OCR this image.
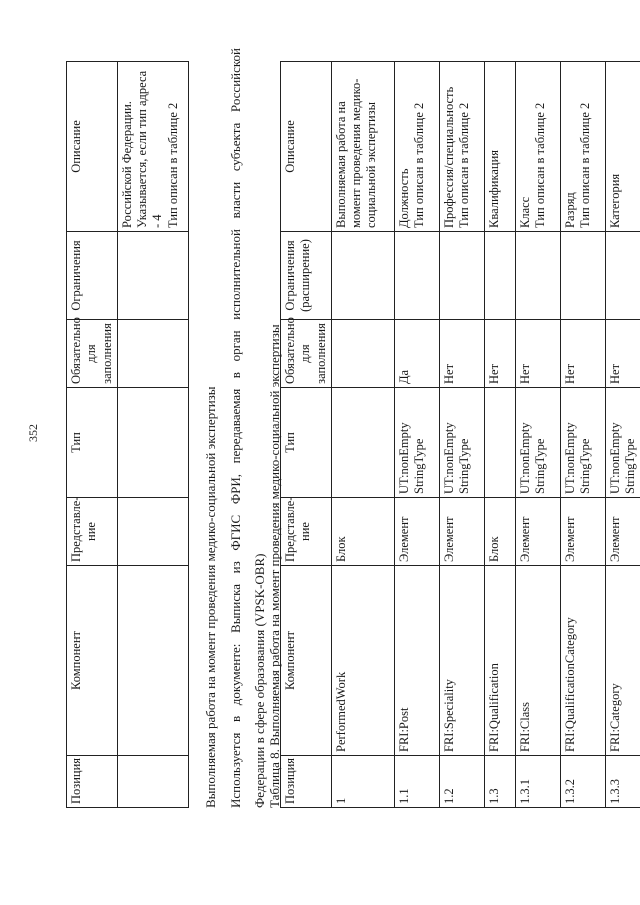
352
Позиция	Компонент	Представле-ние	Тип	Обязательно для заполнения	Ограничения	Описание

						Российской Федерации. Указывается, если тип адреса - 4 Тип описан в таблице 2
Выполняемая работа на момент проведения медико-социальной экспертизы Используется в документе: Выписка из ФГИС ФРИ, передаваемая в орган исполнительной власти субъекта Российской Федерации в сфере образования (VPSK-OBR) Таблица 8. Выполняемая работа на момент проведения медико-социальной экспертизы Позиция	Компонент	Представле-ние	Тип	Обязательно для заполнения	Ограничения (расширение)	Описание
1	PerformedWork	Блок				Выполняемая работа на момент проведения медико-социальной экспертизы
1.1	FRI:Post	Элемент	UT:nonEmpty StringType	Да		Должность
Тип описан в таблице 2
1.2	FRI:Speciality	Элемент	UT:nonEmpty StringType	Нет		Профессия/специальность
Тип описан в таблице 2
1.3	FRI:Qualification	Блок		Нет		Квалификация
1.3.1	FRI:Class	Элемент	UT:nonEmpty StringType	Нет		Класс
Тип описан в таблице 2
1.3.2	FRI:QualificationCategory	Элемент	UT:nonEmpty StringType	Нет		Разряд
Тип описан в таблице 2
1.3.3	FRI:Category	Элемент	UT:nonEmpty StringType	Нет		Категория
